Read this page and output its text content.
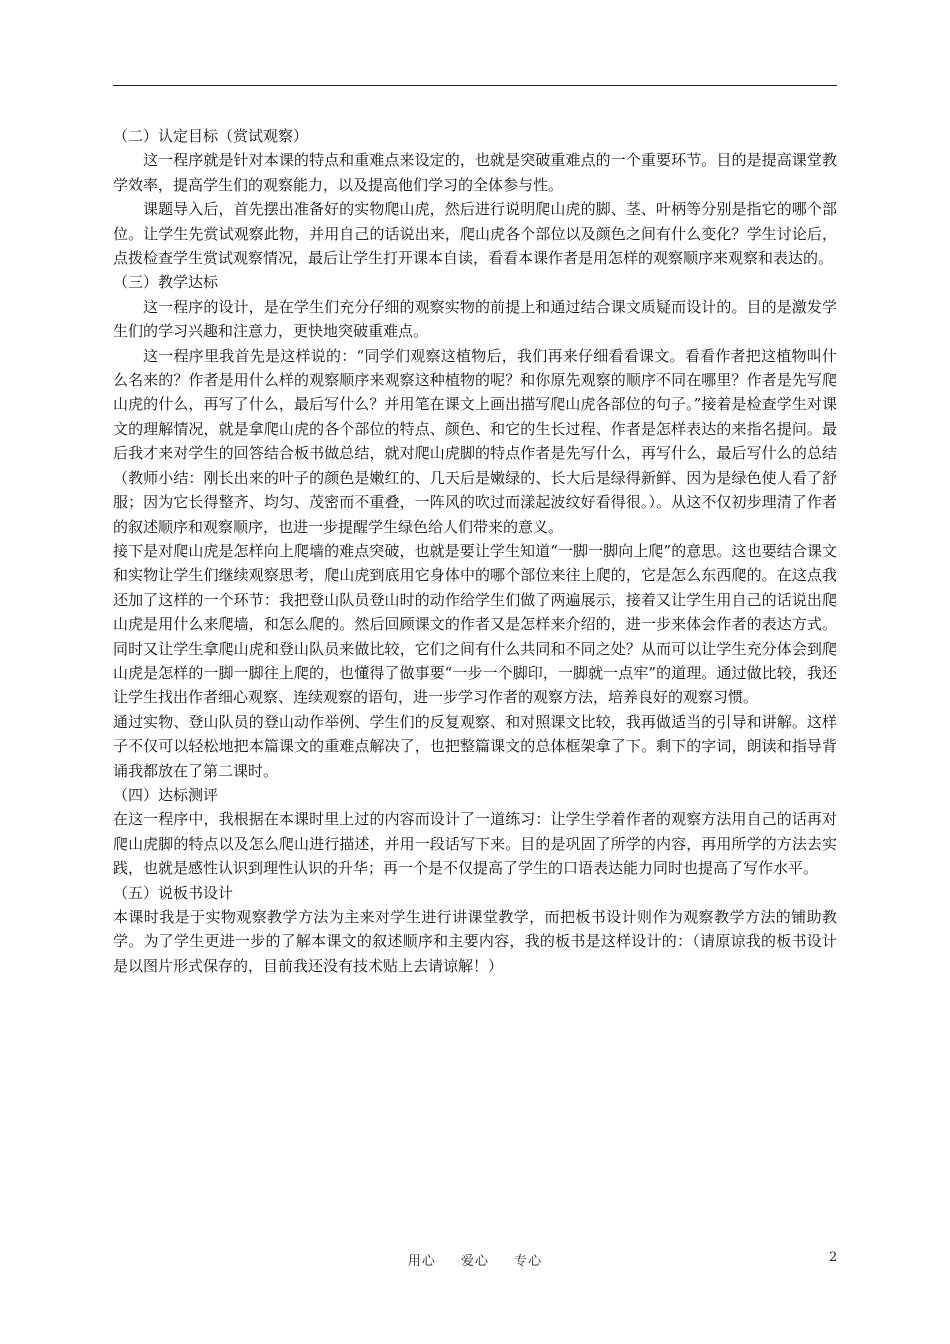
（二）认定目标（赏试观察）

这一程序就是针对本课的特点和重难点来设定的，也就是突破重难点的一个重要环节。目的是提高课堂教学效率，提高学生们的观察能力，以及提高他们学习的全体参与性。

课题导入后，首先摆出准备好的实物爬山虎，然后进行说明爬山虎的脚、茎、叶柄等分别是指它的哪个部位。让学生先赏试观察此物，并用自己的话说出来，爬山虎各个部位以及颜色之间有什么变化？学生讨论后，点拨检查学生赏试观察情况，最后让学生打开课本自读，看看本课作者是用怎样的观察顺序来观察和表达的。

（三）教学达标

这一程序的设计，是在学生们充分仔细的观察实物的前提上和通过结合课文质疑而设计的。目的是激发学生们的学习兴趣和注意力，更快地突破重难点。

这一程序里我首先是这样说的：“同学们观察这植物后，我们再来仔细看看课文。看看作者把这植物叫什么名来的？作者是用什么样的观察顺序来观察这种植物的呢？和你原先观察的顺序不同在哪里？作者是先写爬山虎的什么，再写了什么，最后写什么？并用笔在课文上画出描写爬山虎各部位的句子。”接着是检查学生对课文的理解情况，就是拿爬山虎的各个部位的特点、颜色、和它的生长过程、作者是怎样表达的来指名提问。最后我才来对学生的回答结合板书做总结，就对爬山虎脚的特点作者是先写什么，再写什么，最后写什么的总结（教师小结：刚长出来的叶子的颜色是嫩红的、几天后是嫩绿的、长大后是绿得新鲜、因为是绿色使人看了舒服；因为它长得整齐、均匀、茂密而不重叠，一阵风的吹过而漾起波纹好看得很。）。从这不仅初步理清了作者的叙述顺序和观察顺序，也进一步提醒学生绿色给人们带来的意义。

接下是对爬山虎是怎样向上爬墙的难点突破，也就是要让学生知道“一脚一脚向上爬”的意思。这也要结合课文和实物让学生们继续观察思考，爬山虎到底用它身体中的哪个部位来往上爬的，它是怎么东西爬的。在这点我还加了这样的一个环节：我把登山队员登山时的动作给学生们做了两遍展示，接着又让学生用自己的话说出爬山虎是用什么来爬墙，和怎么爬的。然后回顾课文的作者又是怎样来介绍的，进一步来体会作者的表达方式。同时又让学生拿爬山虎和登山队员来做比较，它们之间有什么共同和不同之处？从而可以让学生充分体会到爬山虎是怎样的一脚一脚往上爬的，也懂得了做事要“一步一个脚印，一脚就一点牢”的道理。通过做比较，我还让学生找出作者细心观察、连续观察的语句，进一步学习作者的观察方法，培养良好的观察习惯。

通过实物、登山队员的登山动作举例、学生们的反复观察、和对照课文比较，我再做适当的引导和讲解。这样子不仅可以轻松地把本篇课文的重难点解决了，也把整篇课文的总体框架拿了下。剩下的字词，朗读和指导背诵我都放在了第二课时。

（四）达标测评

在这一程序中，我根据在本课时里上过的内容而设计了一道练习：让学生学着作者的观察方法用自己的话再对爬山虎脚的特点以及怎么爬山进行描述，并用一段话写下来。目的是巩固了所学的内容，再用所学的方法去实践，也就是感性认识到理性认识的升华；再一个是不仅提高了学生的口语表达能力同时也提高了写作水平。

（五）说板书设计

本课时我是于实物观察教学方法为主来对学生进行讲课堂教学，而把板书设计则作为观察教学方法的铺助教学。为了学生更进一步的了解本课文的叙述顺序和主要内容，我的板书是这样设计的：（请原谅我的板书设计是以图片形式保存的，目前我还没有技术贴上去请谅解！）

用心 爱心 专心	2
